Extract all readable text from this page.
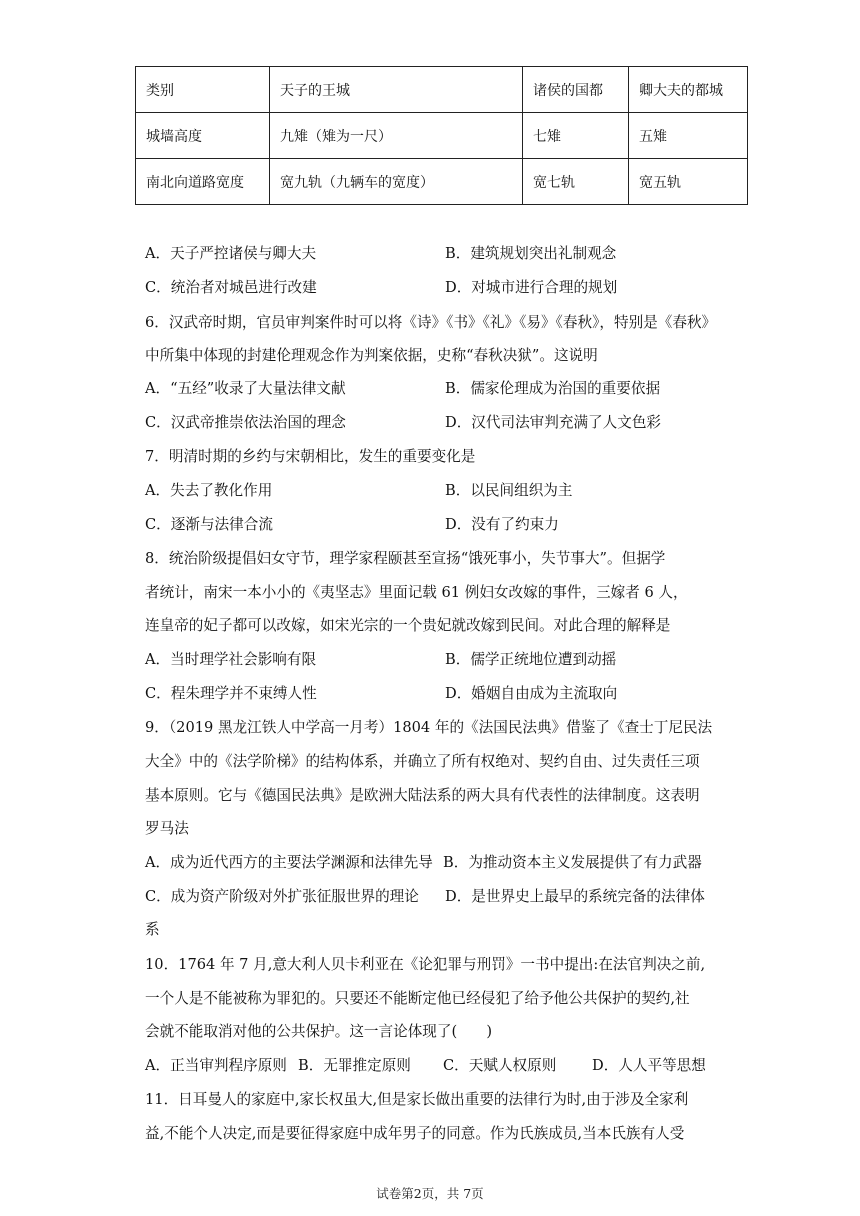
类别	天子的王城	诸侯的国都	卿大夫的都城
城墙高度	九雉（雉为一尺）	七雉	五雉
南北向道路宽度	宽九轨（九辆车的宽度）	宽七轨	宽五轨
A．天子严控诸侯与卿大夫	B．建筑规划突出礼制观念
C．统治者对城邑进行改建	D．对城市进行合理的规划
6．汉武帝时期，官员审判案件时可以将《诗》《书》《礼》《易》《春秋》，特别是《春秋》
中所集中体现的封建伦理观念作为判案依据，史称“春秋决狱”。这说明
A．“五经”收录了大量法律文献	B．儒家伦理成为治国的重要依据
C．汉武帝推崇依法治国的理念	D．汉代司法审判充满了人文色彩
7．明清时期的乡约与宋朝相比，发生的重要变化是
A．失去了教化作用	B．以民间组织为主
C．逐渐与法律合流	D．没有了约束力
8．统治阶级提倡妇女守节，理学家程颐甚至宣扬“饿死事小，失节事大”。但据学
者统计，南宋一本小小的《夷坚志》里面记载 61 例妇女改嫁的事件，三嫁者 6 人，
连皇帝的妃子都可以改嫁，如宋光宗的一个贵妃就改嫁到民间。对此合理的解释是
A．当时理学社会影响有限	B．儒学正统地位遭到动摇
C．程朱理学并不束缚人性	D．婚姻自由成为主流取向
9．（2019 黑龙江铁人中学高一月考）1804 年的《法国民法典》借鉴了《查士丁尼民法
大全》中的《法学阶梯》的结构体系，并确立了所有权绝对、契约自由、过失责任三项
基本原则。它与《德国民法典》是欧洲大陆法系的两大具有代表性的法律制度。这表明
罗马法
A．成为近代西方的主要法学渊源和法律先导 B．为推动资本主义发展提供了有力武器
C．成为资产阶级对外扩张征服世界的理论 D．是世界史上最早的系统完备的法律体
系
10．1764 年 7 月,意大利人贝卡利亚在《论犯罪与刑罚》一书中提出:在法官判决之前,
一个人是不能被称为罪犯的。只要还不能断定他已经侵犯了给予他公共保护的契约,社
会就不能取消对他的公共保护。这一言论体现了(　　)
A．正当审判程序原则 B．无罪推定原则 C．天赋人权原则 D．人人平等思想
11．日耳曼人的家庭中,家长权虽大,但是家长做出重要的法律行为时,由于涉及全家利
益,不能个人决定,而是要征得家庭中成年男子的同意。作为氏族成员,当本氏族有人受
试卷第2页，共 7页
